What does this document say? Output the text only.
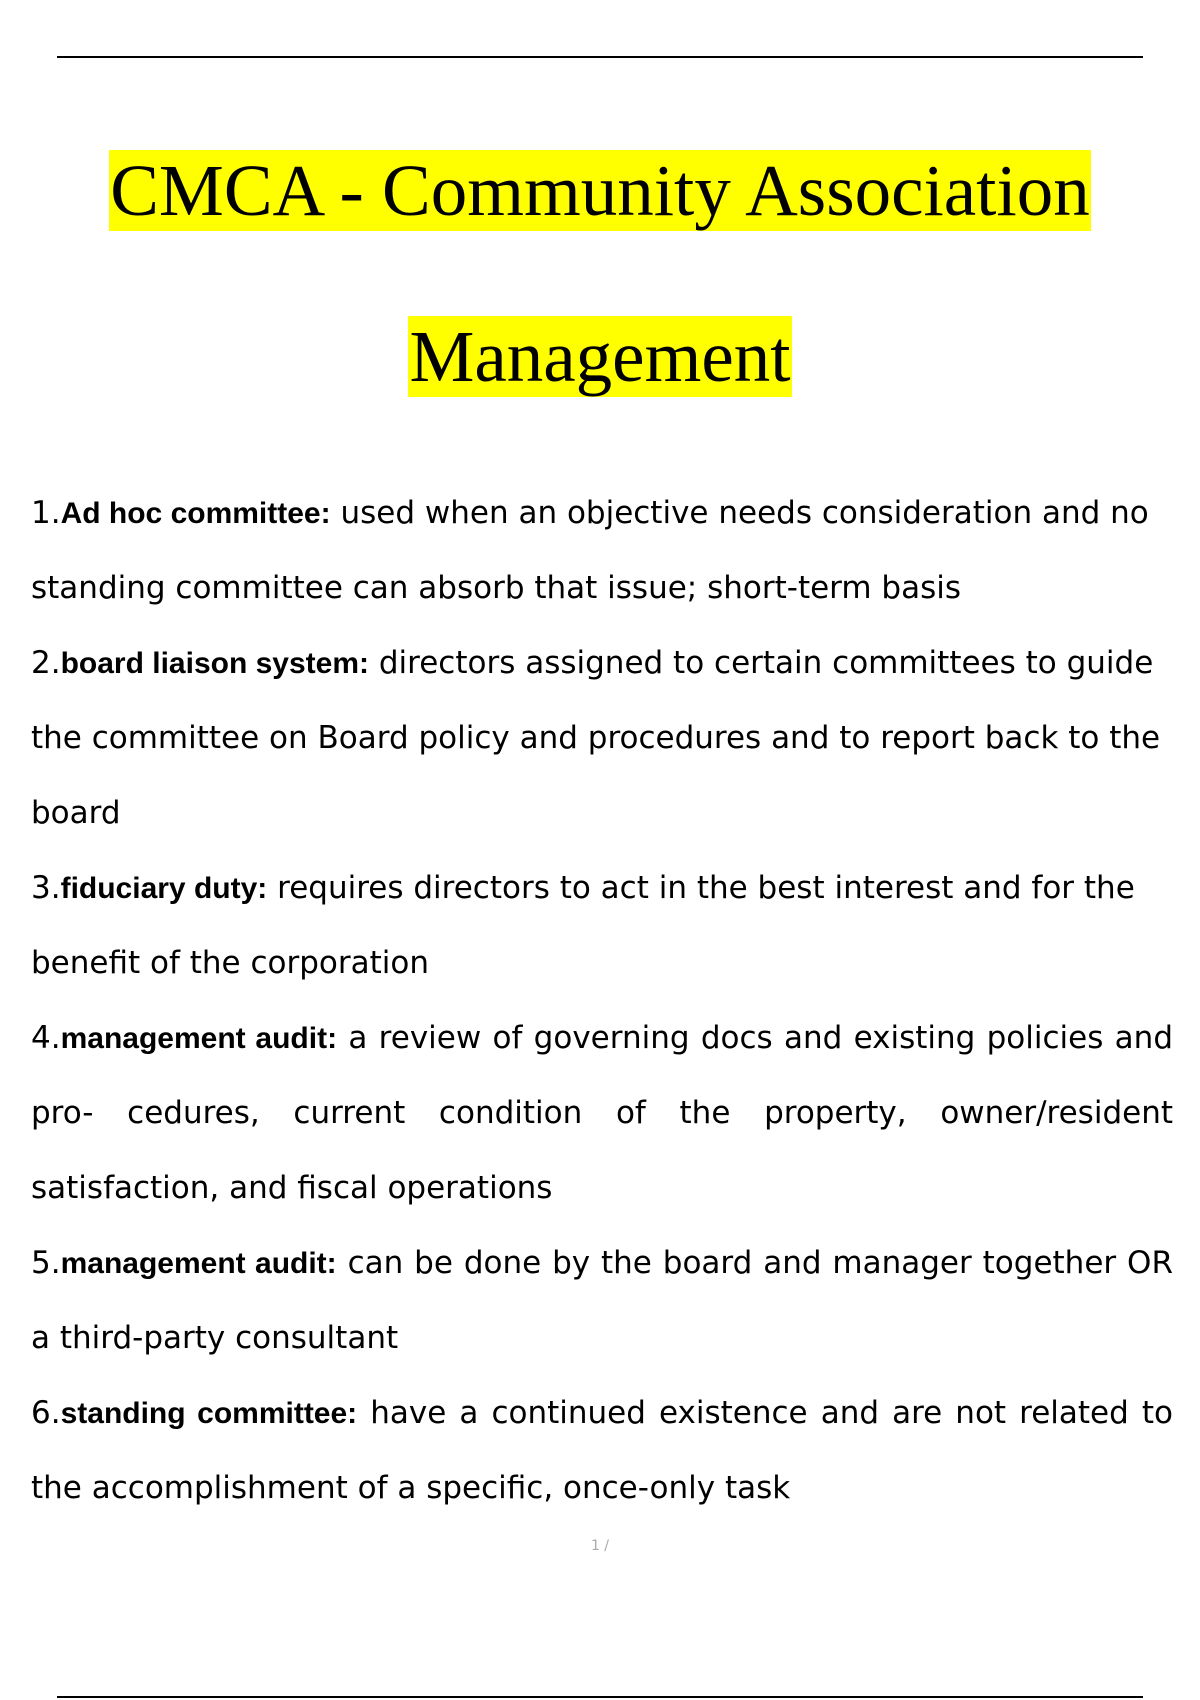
CMCA - Community Association
Management
1.Ad hoc committee: used when an objective needs consideration and no standing committee can absorb that issue; short-term basis
2.board liaison system: directors assigned to certain committees to guide the committee on Board policy and procedures and to report back to the board
3.fiduciary duty: requires directors to act in the best interest and for the benefit of the corporation
4.management audit: a review of governing docs and existing policies and pro- cedures, current condition of the property, owner/resident satisfaction, and fiscal operations
5.management audit: can be done by the board and manager together OR a third-party consultant
6.standing committee: have a continued existence and are not related to the accomplishment of a specific, once-only task
1 /
